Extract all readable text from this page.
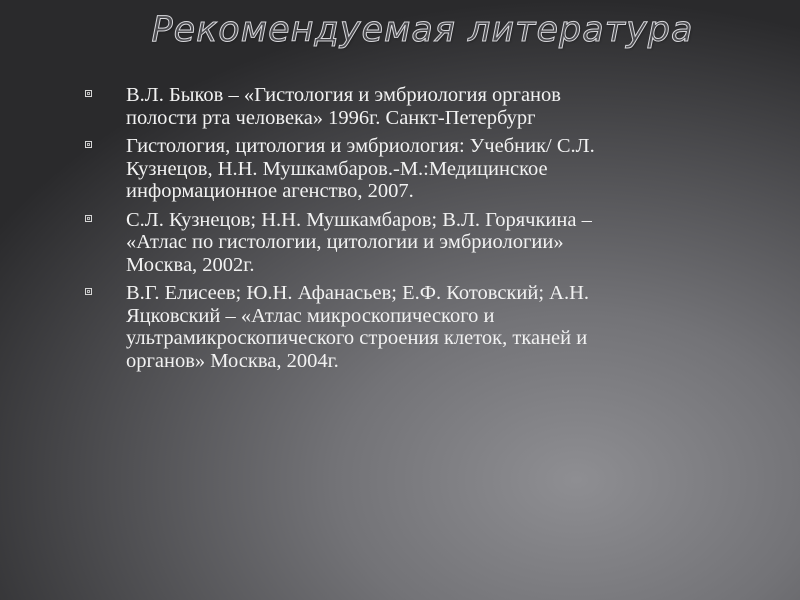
Рекомендуемая литература
В.Л. Быков – «Гистология и эмбриология органов
полости рта человека» 1996г. Санкт-Петербург
Гистология, цитология и эмбриология: Учебник/ С.Л.
Кузнецов, Н.Н. Мушкамбаров.-М.:Медицинское
информационное агенство, 2007.
С.Л. Кузнецов; Н.Н. Мушкамбаров; В.Л. Горячкина –
«Атлас по гистологии, цитологии и эмбриологии»
Москва, 2002г.
В.Г. Елисеев; Ю.Н. Афанасьев; Е.Ф. Котовский; А.Н.
Яцковский – «Атлас микроскопического и
ультрамикроскопического строения клеток, тканей и
органов» Москва, 2004г.
